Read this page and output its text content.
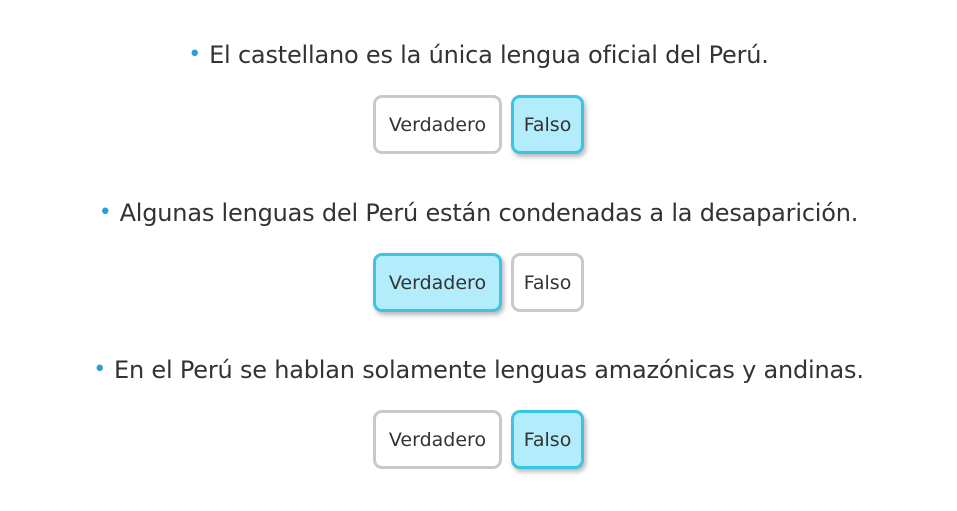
• El castellano es la única lengua oficial del Perú.
Verdadero	Falso
• Algunas lenguas del Perú están condenadas a la desaparición.
Verdadero	Falso
• En el Perú se hablan solamente lenguas amazónicas y andinas.
Verdadero	Falso
